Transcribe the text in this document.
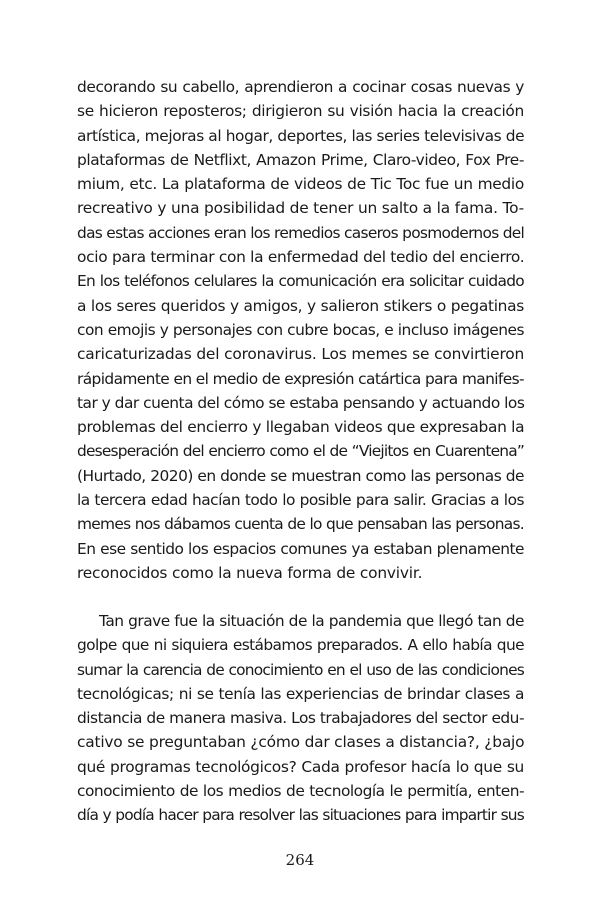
decorando su cabello, aprendieron a cocinar cosas nuevas y
se hicieron reposteros; dirigieron su visión hacia la creación
artística, mejoras al hogar, deportes, las series televisivas de
plataformas de Netflixt, Amazon Prime, Claro-video, Fox Pre-
mium, etc. La plataforma de videos de Tic Toc fue un medio
recreativo y una posibilidad de tener un salto a la fama. To-
das estas acciones eran los remedios caseros posmodernos del
ocio para terminar con la enfermedad del tedio del encierro.
En los teléfonos celulares la comunicación era solicitar cuidado
a los seres queridos y amigos, y salieron stikers o pegatinas
con emojis y personajes con cubre bocas, e incluso imágenes
caricaturizadas del coronavirus. Los memes se convirtieron
rápidamente en el medio de expresión catártica para manifes-
tar y dar cuenta del cómo se estaba pensando y actuando los
problemas del encierro y llegaban videos que expresaban la
desesperación del encierro como el de “Viejitos en Cuarentena”
(Hurtado, 2020) en donde se muestran como las personas de
la tercera edad hacían todo lo posible para salir. Gracias a los
memes nos dábamos cuenta de lo que pensaban las personas.
En ese sentido los espacios comunes ya estaban plenamente
reconocidos como la nueva forma de convivir.
Tan grave fue la situación de la pandemia que llegó tan de
golpe que ni siquiera estábamos preparados. A ello había que
sumar la carencia de conocimiento en el uso de las condiciones
tecnológicas; ni se tenía las experiencias de brindar clases a
distancia de manera masiva. Los trabajadores del sector edu-
cativo se preguntaban ¿cómo dar clases a distancia?, ¿bajo
qué programas tecnológicos? Cada profesor hacía lo que su
conocimiento de los medios de tecnología le permitía, enten-
día y podía hacer para resolver las situaciones para impartir sus
264
